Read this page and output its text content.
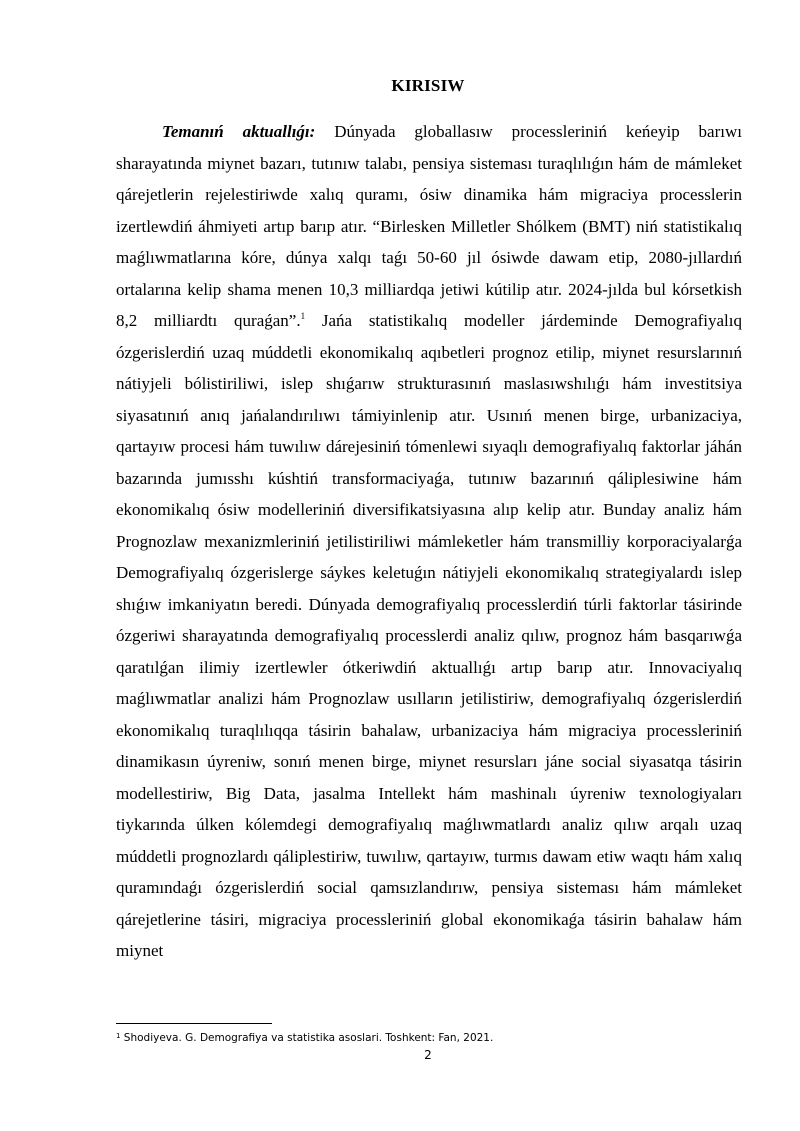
KIRISIW
Temanıń aktuallıǵı: Dúnyada globallasıw processleriniń keńeyip barıwı sharayatında miynet bazarı, tutınıw talabı, pensiya sisteması turaqlılıǵın hám de mámleket qárejetlerin rejelestiriwde xalıq quramı, ósiw dinamika hám migraciya processlerin izertlewdiń áhmiyeti artıp barıp atır. “Birlesken Milletler Shólkem (BMT) niń statistikalıq maǵlıwmatlarına kóre, dúnya xalqı taǵı 50-60 jıl ósiwde dawam etip, 2080-jıllardıń ortalarına kelip shama menen 10,3 milliardqa jetiwi kútilip atır. 2024-jılda bul kórsetkish 8,2 milliardtı quraǵan”.$^1$ Jańa statistikalıq modeller járdeminde Demografiyalıq ózgerislerdiń uzaq múddetli ekonomikalıq aqıbetleri prognoz etilip, miynet resurslarınıń nátiyjeli bólistiriliwi, islep shıǵarıw strukturasınıń maslasıwshılıǵı hám investitsiya siyasatınıń anıq jańalandırılıwı támiyinlenip atır. Usınıń menen birge, urbanizaciya, qartayıw procesi hám tuwılıw dárejesiniń tómenlewi sıyaqlı demografiyalıq faktorlar jáhán bazarında jumısshı kúshtiń transformaciyaǵa, tutınıw bazarınıń qáliplesiwine hám ekonomikalıq ósiw modelleriniń diversifikatsiyasına alıp kelip atır. Bunday analiz hám Prognozlaw mexanizmleriniń jetilistiriliwi mámleketler hám transmilliy korporaciyalarǵa Demografiyalıq ózgerislerge sáykes keletuǵın nátiyjeli ekonomikalıq strategiyalardı islep shıǵıw imkaniyatın beredi. Dúnyada demografiyalıq processlerdiń túrli faktorlar tásirinde ózgeriwi sharayatında demografiyalıq processlerdi analiz qılıw, prognoz hám basqarıwǵa qaratılǵan ilimiy izertlewler ótkeriwdiń aktuallıǵı artıp barıp atır. Innovaciyalıq maǵlıwmatlar analizi hám Prognozlaw usılların jetilistiriw, demografiyalıq ózgerislerdiń ekonomikalıq turaqlılıqqa tásirin bahalaw, urbanizaciya hám migraciya processleriniń dinamikasın úyreniw, sonıń menen birge, miynet resursları jáne social siyasatqa tásirin modellestiriw, Big Data, jasalma Intellekt hám mashinalı úyreniw texnologiyaları tiykarında úlken kólemdegi demografiyalıq maǵlıwmatlardı analiz qılıw arqalı uzaq múddetli prognozlardı qáliplestiriw, tuwılıw, qartayıw, turmıs dawam etiw waqtı hám xalıq quramındaǵı ózgerislerdiń social qamsızlandırıw, pensiya sisteması hám mámleket qárejetlerine tásiri, migraciya processleriniń global ekonomikaǵa tásirin bahalaw hám miynet
$^1$ Shodiyeva. G. Demografiya va statistika asoslari. Toshkent: Fan, 2021.
2
